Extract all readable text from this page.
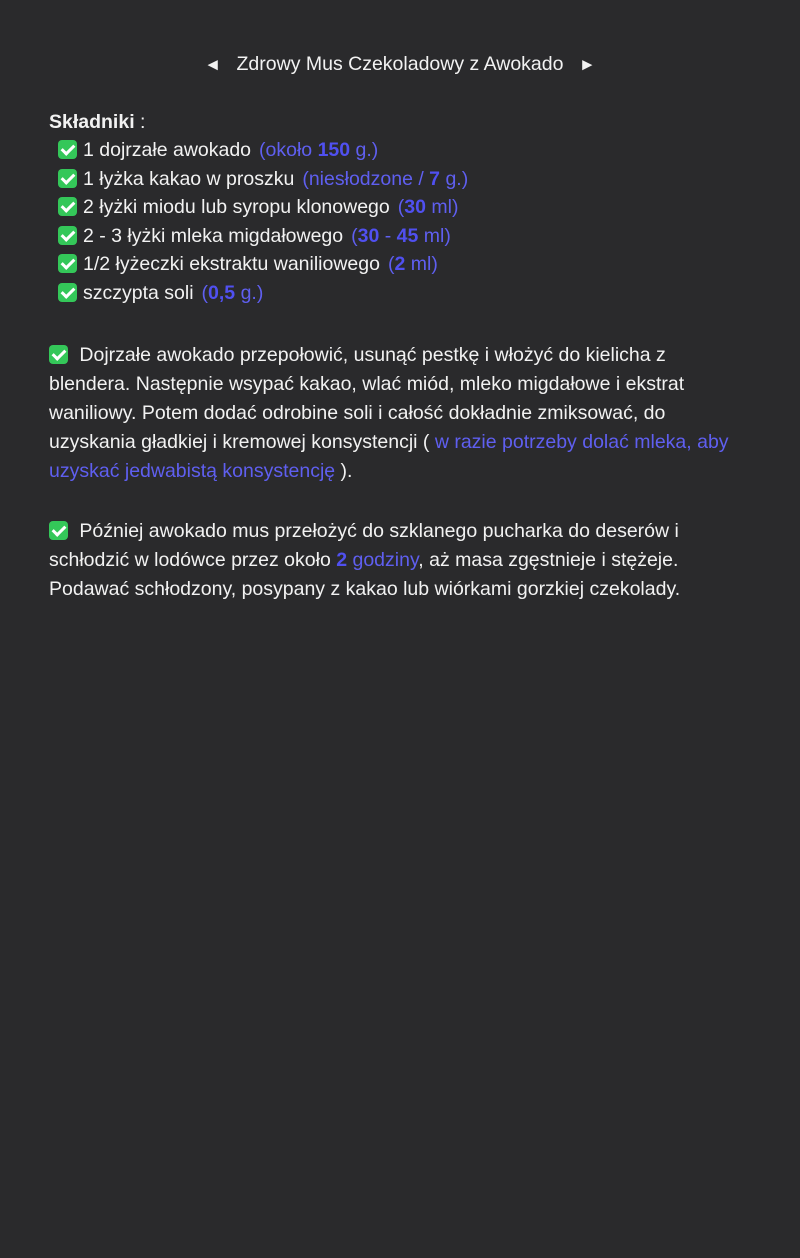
◄ Zdrowy Mus Czekoladowy z Awokado ►
Składniki :
1 dojrzałe awokado (około 150 g.)
1 łyżka kakao w proszku (niesłodzone / 7 g.)
2 łyżki miodu lub syropu klonowego (30 ml)
2 - 3 łyżki mleka migdałowego (30 - 45 ml)
1/2 łyżeczki ekstraktu waniliowego (2 ml)
szczypta soli (0,5 g.)
Dojrzałe awokado przepołowić, usunąć pestkę i włożyć do kielicha z blendera. Następnie wsypać kakao, wlać miód, mleko migdałowe i ekstrat waniliowy. Potem dodać odrobine soli i całość dokładnie zmiksować, do uzyskania gładkiej i kremowej konsystencji ( w razie potrzeby dolać mleka, aby uzyskać jedwabistą konsystencję ).
Później awokado mus przełożyć do szklanego pucharka do deserów i schłodzić w lodówce przez około 2 godziny, aż masa zgęstnieje i stężeje. Podawać schłodzony, posypany z kakao lub wiórkami gorzkiej czekolady.
